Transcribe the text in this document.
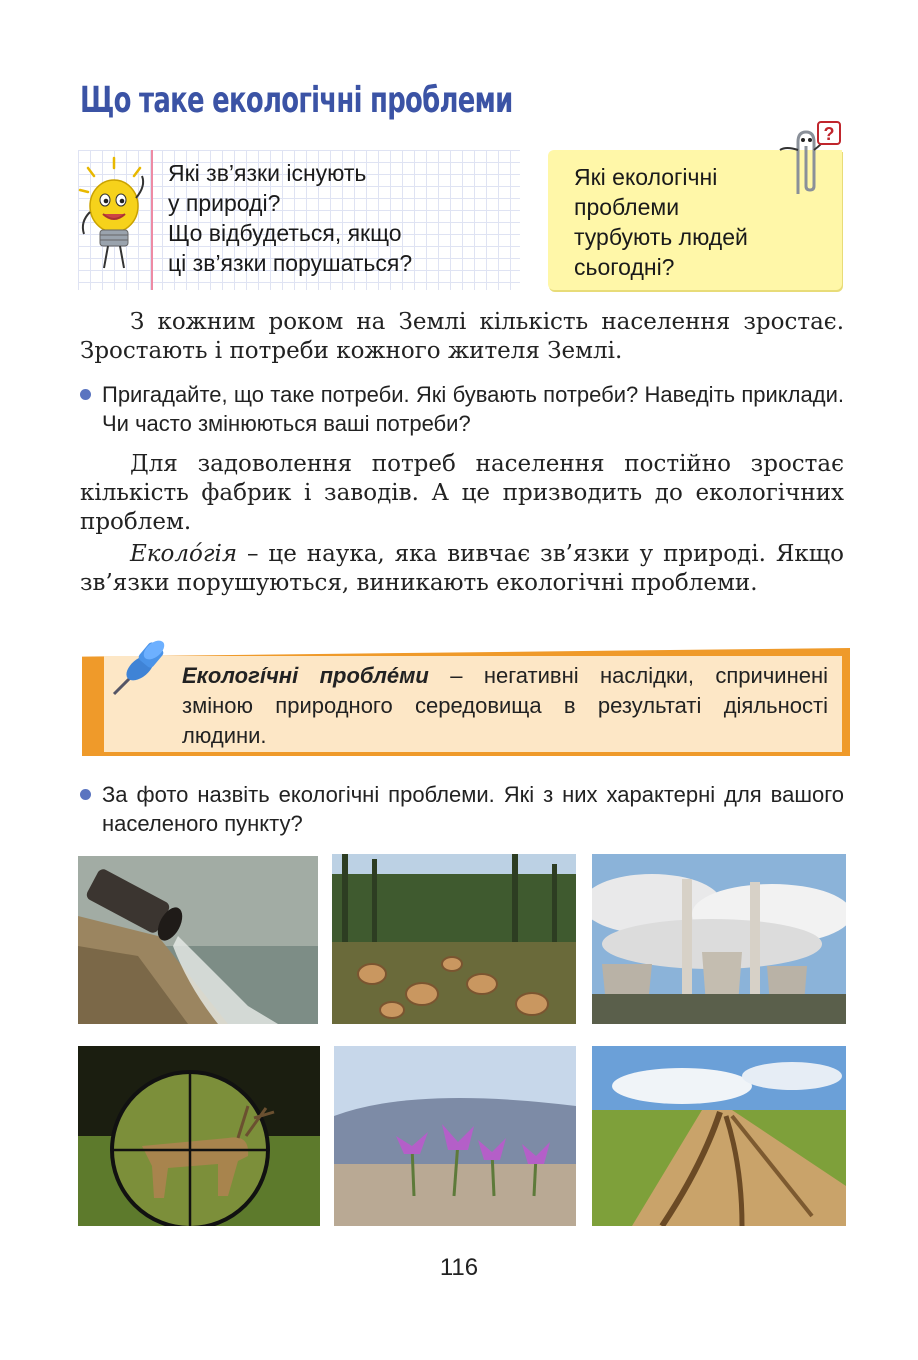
Що таке екологічні проблеми

Які зв’язки існують
у природі?
Що відбудеться, якщо
ці зв’язки порушаться?

Які екологічні
проблеми
турбують людей
сьогодні?

?

З кожним роком на Землі кількість населення зростає. Зростають і потреби кожного жителя Землі.

Пригадайте, що таке потреби. Які бувають потреби? Наведіть приклади. Чи часто змінюються ваші потреби?

Для задоволення потреб населення постійно зростає кількість фабрик і заводів. А це призводить до екологічних проблем.

Еколóгія – це наука, яка вивчає зв’язки у природі. Якщо зв’язки порушуються, виникають екологічні проблеми.

Екологíчні проблéми – негативні наслідки, спричинені зміною природного середовища в результаті діяльності людини.

За фото назвіть екологічні проблеми. Які з них характерні для вашого населеного пункту?
116
